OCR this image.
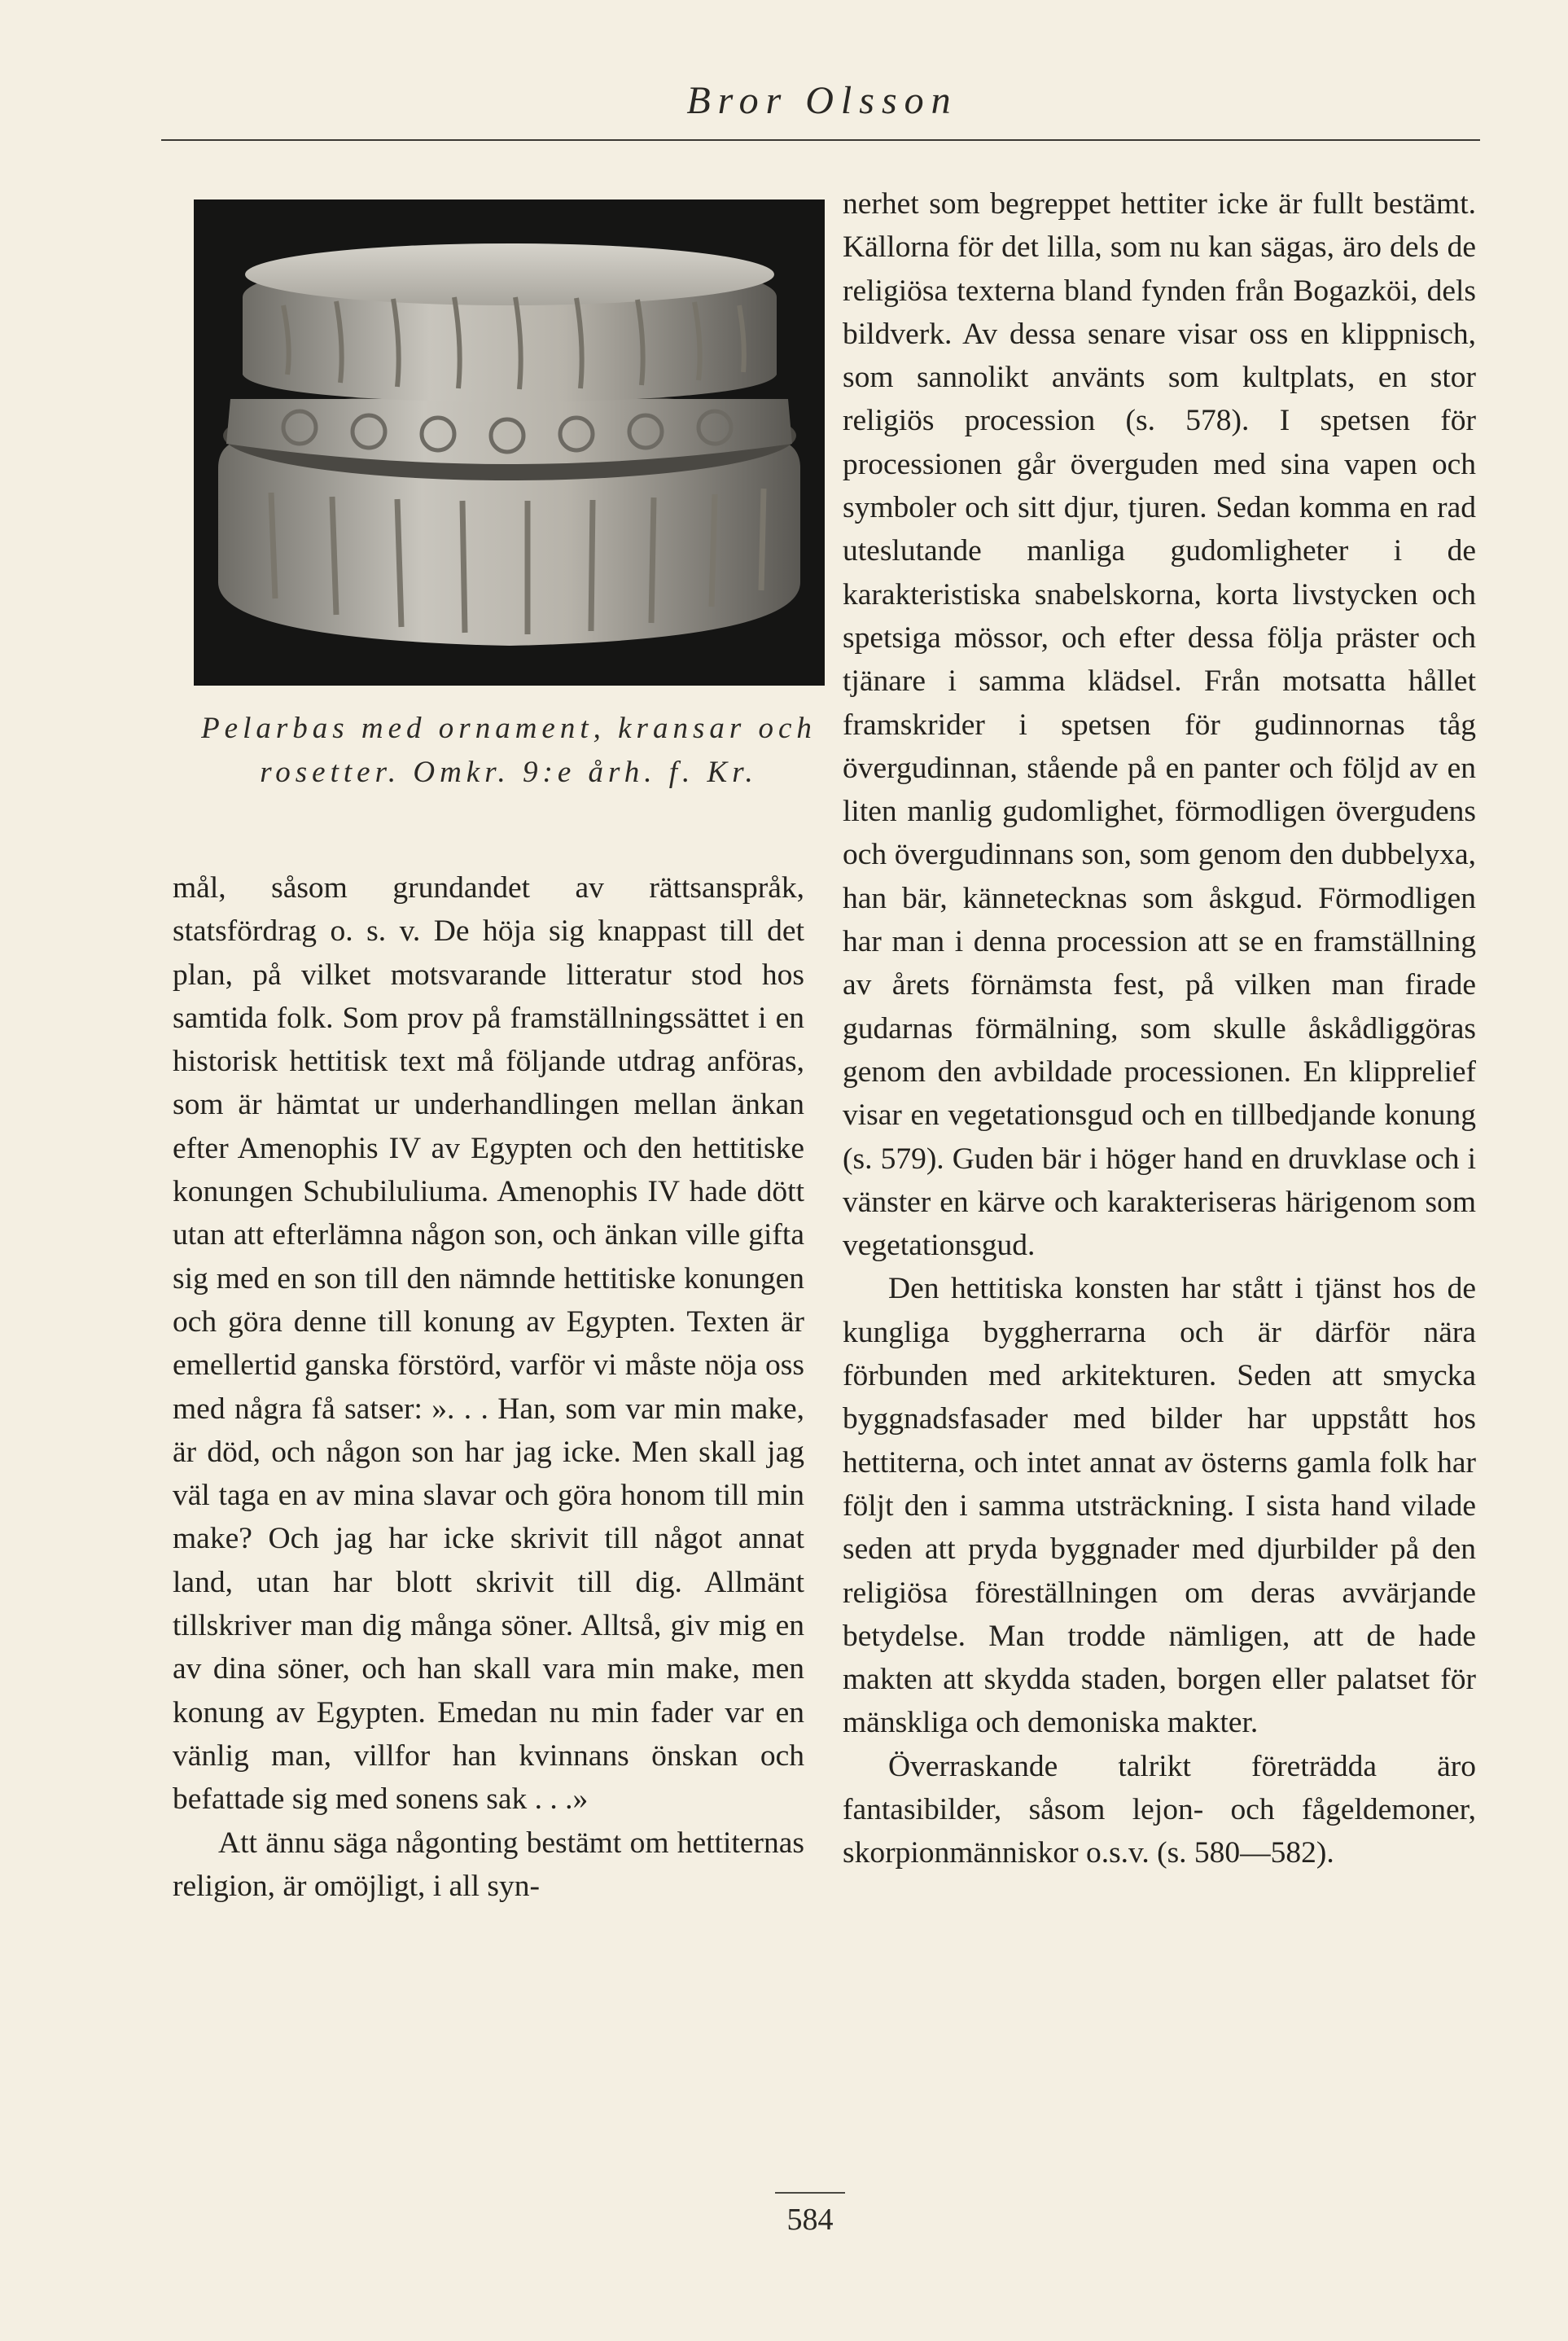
Bror Olsson
Pelarbas med ornament, kransar och rosetter. Omkr. 9:e årh. f. Kr.

mål, såsom grundandet av rättsanspråk, statsfördrag o. s. v. De höja sig knappast till det plan, på vilket motsvarande litteratur stod hos samtida folk. Som prov på framställningssättet i en historisk hettitisk text må följande utdrag anföras, som är hämtat ur underhandlingen mellan änkan efter Amenophis IV av Egypten och den hettitiske konungen Schubiluliuma. Amenophis IV hade dött utan att efterlämna någon son, och änkan ville gifta sig med en son till den nämnde hettitiske konungen och göra denne till konung av Egypten. Texten är emellertid ganska förstörd, varför vi måste nöja oss med några få satser: ». . . Han, som var min make, är död, och någon son har jag icke. Men skall jag väl taga en av mina slavar och göra honom till min make? Och jag har icke skrivit till något annat land, utan har blott skrivit till dig. Allmänt tillskriver man dig många söner. Alltså, giv mig en av dina söner, och han skall vara min make, men konung av Egypten. Emedan nu min fader var en vänlig man, villfor han kvinnans önskan och befattade sig med sonens sak . . .»

Att ännu säga någonting bestämt om hettiternas religion, är omöjligt, i all syn-

nerhet som begreppet hettiter icke är fullt bestämt. Källorna för det lilla, som nu kan sägas, äro dels de religiösa texterna bland fynden från Bogazköi, dels bildverk. Av dessa senare visar oss en klippnisch, som sannolikt använts som kultplats, en stor religiös procession (s. 578). I spetsen för processionen går överguden med sina vapen och symboler och sitt djur, tjuren. Sedan komma en rad uteslutande manliga gudomligheter i de karakteristiska snabelskorna, korta livstycken och spetsiga mössor, och efter dessa följa präster och tjänare i samma klädsel. Från motsatta hållet framskrider i spetsen för gudinnornas tåg övergudinnan, stående på en panter och följd av en liten manlig gudomlighet, förmodligen övergudens och övergudinnans son, som genom den dubbelyxa, han bär, kännetecknas som åskgud. Förmodligen har man i denna procession att se en framställning av årets förnämsta fest, på vilken man firade gudarnas förmälning, som skulle åskådliggöras genom den avbildade processionen. En klipprelief visar en vegetationsgud och en tillbedjande konung (s. 579). Guden bär i höger hand en druvklase och i vänster en kärve och karakteriseras härigenom som vegetationsgud.

Den hettitiska konsten har stått i tjänst hos de kungliga byggherrarna och är därför nära förbunden med arkitekturen. Seden att smycka byggnadsfasader med bilder har uppstått hos hettiterna, och intet annat av österns gamla folk har följt den i samma utsträckning. I sista hand vilade seden att pryda byggnader med djurbilder på den religiösa föreställningen om deras avvärjande betydelse. Man trodde nämligen, att de hade makten att skydda staden, borgen eller palatset för mänskliga och demoniska makter.

Överraskande talrikt företrädda äro fantasibilder, såsom lejon- och fågeldemoner, skorpionmänniskor o.s.v. (s. 580—582).

584
